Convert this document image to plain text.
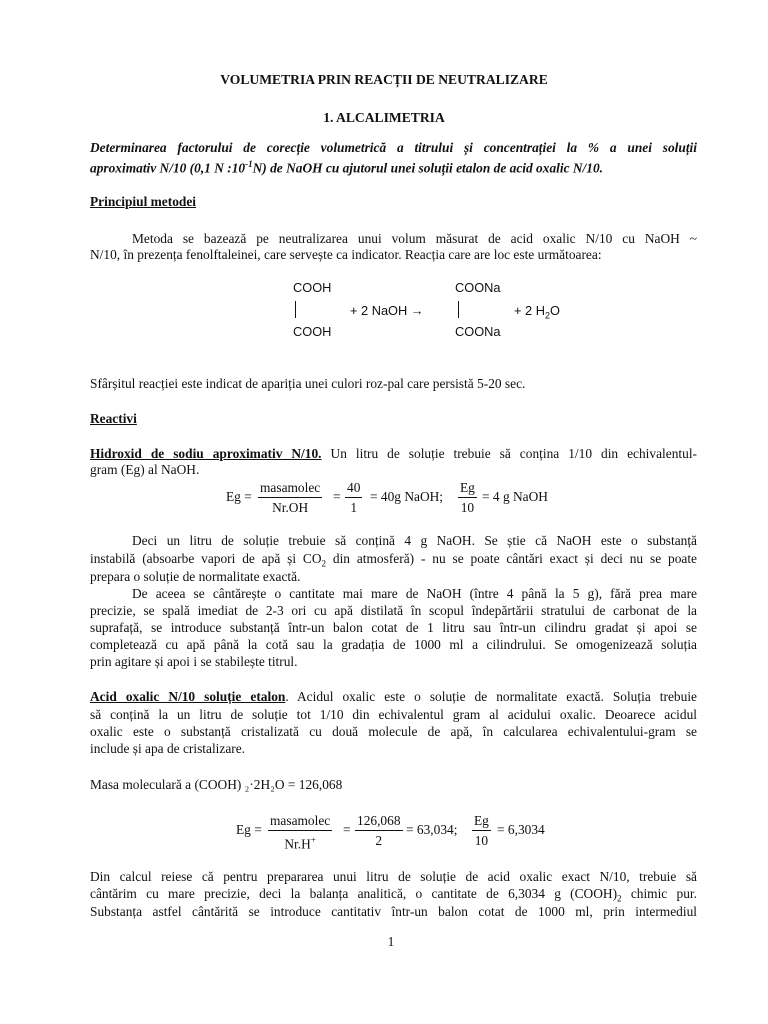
VOLUMETRIA PRIN REACȚII DE NEUTRALIZARE
1. ALCALIMETRIA
Determinarea factorului de corecție volumetrică a titrului și concentrației la % a unei soluții
aproximativ N/10 (0,1 N $:10^{-1}N$) de NaOH cu ajutorul unei soluții etalon de acid oxalic N/10.
Principiul metodei
Metoda se bazează pe neutralizarea unui volum măsurat de acid oxalic N/10 cu NaOH ~
N/10, în prezența fenolftaleinei, care servește ca indicator. Reacția care are loc este următoarea:
COOH
+ 2 NaOH →
COOH
COONa
+ 2 $H_2O$
COONa
Sfârșitul reacției este indicat de apariția unei culori roz-pal care persistă 5-20 sec.
Reactivi
Hidroxid de sodiu aproximativ N/10. Un litru de soluție trebuie să conțina 1/10 din echivalentul-
gram (Eg) al NaOH.
Eg =
masamolec
Nr.OH
= $\frac{40}{1} = 40g$ NaOH; $\frac{Eg}{10} = 4$ g NaOH
Deci un litru de soluție trebuie să conțină 4 g NaOH. Se știe că NaOH este o substanță
instabilă (absoarbe vapori de apă și $CO_2$ din atmosferă) - nu se poate cântări exact și deci nu se poate
prepara o soluție de normalitate exactă.
De aceea se cântărește o cantitate mai mare de NaOH (între 4 până la 5 g), fără prea mare
precizie, se spală imediat de 2-3 ori cu apă distilată în scopul îndepărtării stratului de carbonat de la
suprafață, se introduce substanță într-un balon cotat de 1 litru sau într-un cilindru gradat și apoi se
completează cu apă până la cotă sau la gradația de 1000 ml a cilindrului. Se omogenizează soluția
prin agitare și apoi i se stabilește titrul.
Acid oxalic N/10 soluție etalon. Acidul oxalic este o soluție de normalitate exactă. Soluția trebuie
să conțină la un litru de soluție tot 1/10 din echivalentul gram al acidului oxalic. Deoarece acidul
oxalic este o substanță cristalizată cu două molecule de apă, în calcularea echivalentului-gram se
include și apa de cristalizare.
Masa moleculară a (COOH) ₂·2H₂O = 126,068
Eg =
masamolec
Nr.H+
= $\frac{126,068}{2} = 63,034$; $\frac{Eg}{10} = 6,3034$
Din calcul reiese că pentru prepararea unui litru de soluție de acid oxalic exact N/10, trebuie să
cântărim cu mare precizie, deci la balanța analitică, o cantitate de 6,3034 g $(COOH)_2$ chimic pur.
Substanța astfel cântărită se introduce cantitativ într-un balon cotat de 1000 ml, prin intermediul
1
